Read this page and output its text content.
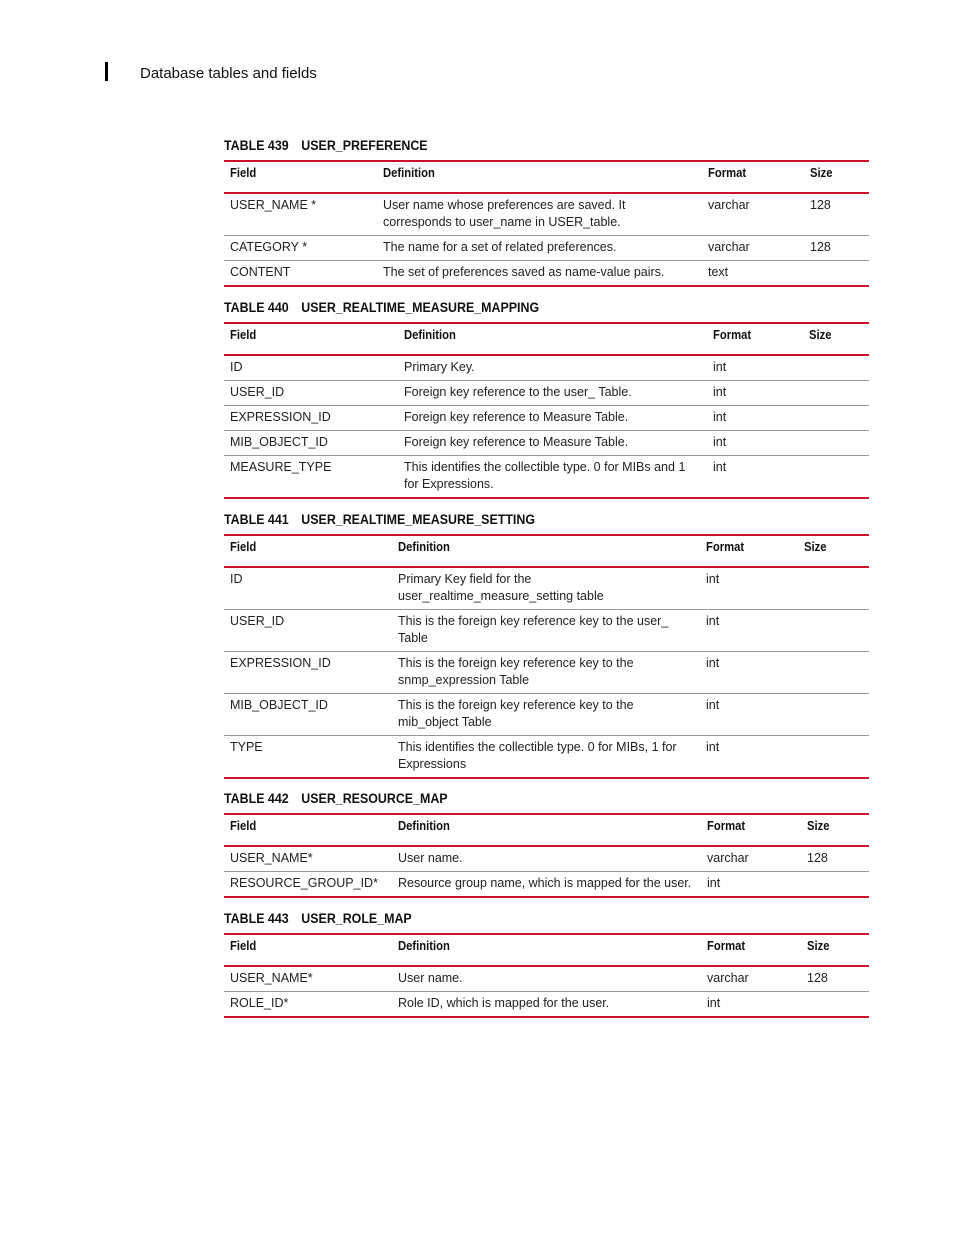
Database tables and fields
TABLE 439 USER_PREFERENCE
Field	Definition	Format	Size
USER_NAME *	User name whose preferences are saved. It corresponds to user_name in USER_table.	varchar	128
CATEGORY *	The name for a set of related preferences.	varchar	128
CONTENT	The set of preferences saved as name-value pairs.	text	
TABLE 440 USER_REALTIME_MEASURE_MAPPING
Field	Definition	Format	Size
ID	Primary Key.	int	
USER_ID	Foreign key reference to the user_ Table.	int	
EXPRESSION_ID	Foreign key reference to Measure Table.	int	
MIB_OBJECT_ID	Foreign key reference to Measure Table.	int	
MEASURE_TYPE	This identifies the collectible type. 0 for MIBs and 1 for Expressions.	int	
TABLE 441 USER_REALTIME_MEASURE_SETTING
Field	Definition	Format	Size
ID	Primary Key field for the user_realtime_measure_setting table	int	
USER_ID	This is the foreign key reference key to the user_ Table	int	
EXPRESSION_ID	This is the foreign key reference key to the snmp_expression Table	int	
MIB_OBJECT_ID	This is the foreign key reference key to the mib_object Table	int	
TYPE	This identifies the collectible type. 0 for MIBs, 1 for Expressions	int	
TABLE 442 USER_RESOURCE_MAP
Field	Definition	Format	Size
USER_NAME*	User name.	varchar	128
RESOURCE_GROUP_ID*	Resource group name, which is mapped for the user.	int	
TABLE 443 USER_ROLE_MAP
Field	Definition	Format	Size
USER_NAME*	User name.	varchar	128
ROLE_ID*	Role ID, which is mapped for the user.	int	
